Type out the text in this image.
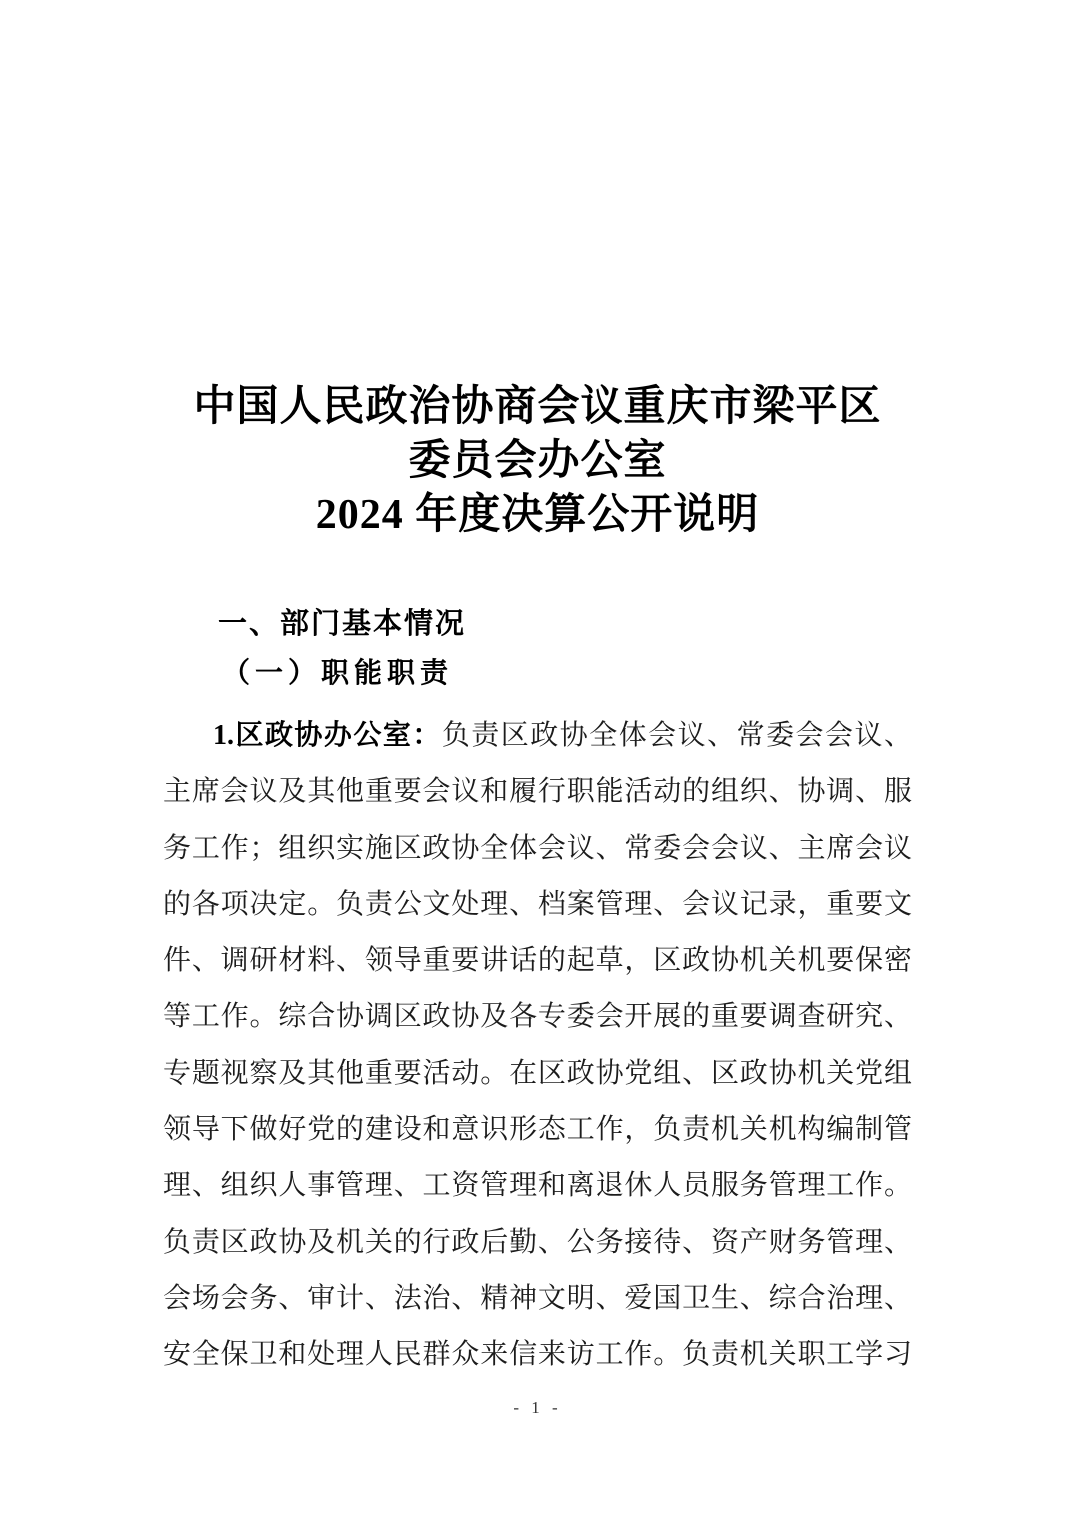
中国人民政治协商会议重庆市梁平区
委员会办公室
2024 年度决算公开说明
一、部门基本情况
（一）职能职责
1.区政协办公室：负责区政协全体会议、常委会会议、
主席会议及其他重要会议和履行职能活动的组织、协调、服
务工作；组织实施区政协全体会议、常委会会议、主席会议
的各项决定。负责公文处理、档案管理、会议记录，重要文
件、调研材料、领导重要讲话的起草，区政协机关机要保密
等工作。综合协调区政协及各专委会开展的重要调查研究、
专题视察及其他重要活动。在区政协党组、区政协机关党组
领导下做好党的建设和意识形态工作，负责机关机构编制管
理、组织人事管理、工资管理和离退休人员服务管理工作。
负责区政协及机关的行政后勤、公务接待、资产财务管理、
会场会务、审计、法治、精神文明、爱国卫生、综合治理、
安全保卫和处理人民群众来信来访工作。负责机关职工学习
- 1 -
